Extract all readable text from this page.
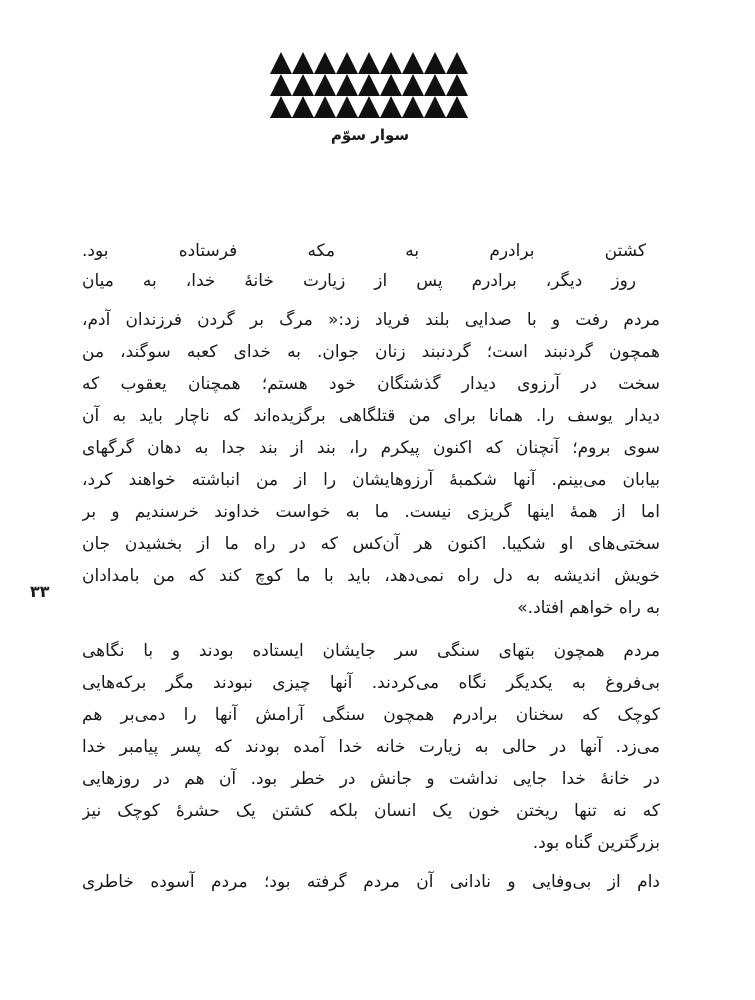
سوار سوّم
۳۳
کشتن برادرم به مکه فرستاده بود.
روز دیگر، برادرم پس از زیارت خانهٔ خدا، به میان
مردم رفت و با صدایی بلند فریاد زد:« مرگ بر گردن فرزندان آدم،
همچون گردنبند است؛ گردنبند زنان جوان. به خدای کعبه سوگند، من
سخت در آرزوی دیدار گذشتگان خود هستم؛ همچنان یعقوب که
دیدار یوسف را. همانا برای من قتلگاهی برگزیده‌اند که ناچار باید به آن
سوی بروم؛ آنچنان که اکنون پیکرم را، بند از بند جدا به دهان گرگهای
بیابان می‌بینم. آنها شکمبهٔ آرزوهایشان را از من انباشته خواهند کرد،
اما از همهٔ اینها گریزی نیست. ما به خواست خداوند خرسندیم و بر
سختی‌های او شکیبا. اکنون هر آن‌کس که در راه ما از بخشیدن جان
خویش اندیشه به دل راه نمی‌دهد، باید با ما کوچ کند که من بامدادان
به راه خواهم افتاد.»
مردم همچون بتهای سنگی سر جایشان ایستاده بودند و با نگاهی
بی‌فروغ به یکدیگر نگاه می‌کردند. آنها چیزی نبودند مگر برکه‌هایی
کوچک که سخنان برادرم همچون سنگی آرامش آنها را دمی‌بر هم
می‌زد. آنها در حالی به زیارت خانه خدا آمده بودند که پسر پیامبر خدا
در خانهٔ خدا جایی نداشت و جانش در خطر بود. آن هم در روزهایی
که نه تنها ریختن خون یک انسان بلکه کشتن یک حشرهٔ کوچک نیز
بزرگترین گناه بود.
دام از بی‌وفایی و نادانی آن مردم گرفته بود؛ مردم آسوده خاطری
